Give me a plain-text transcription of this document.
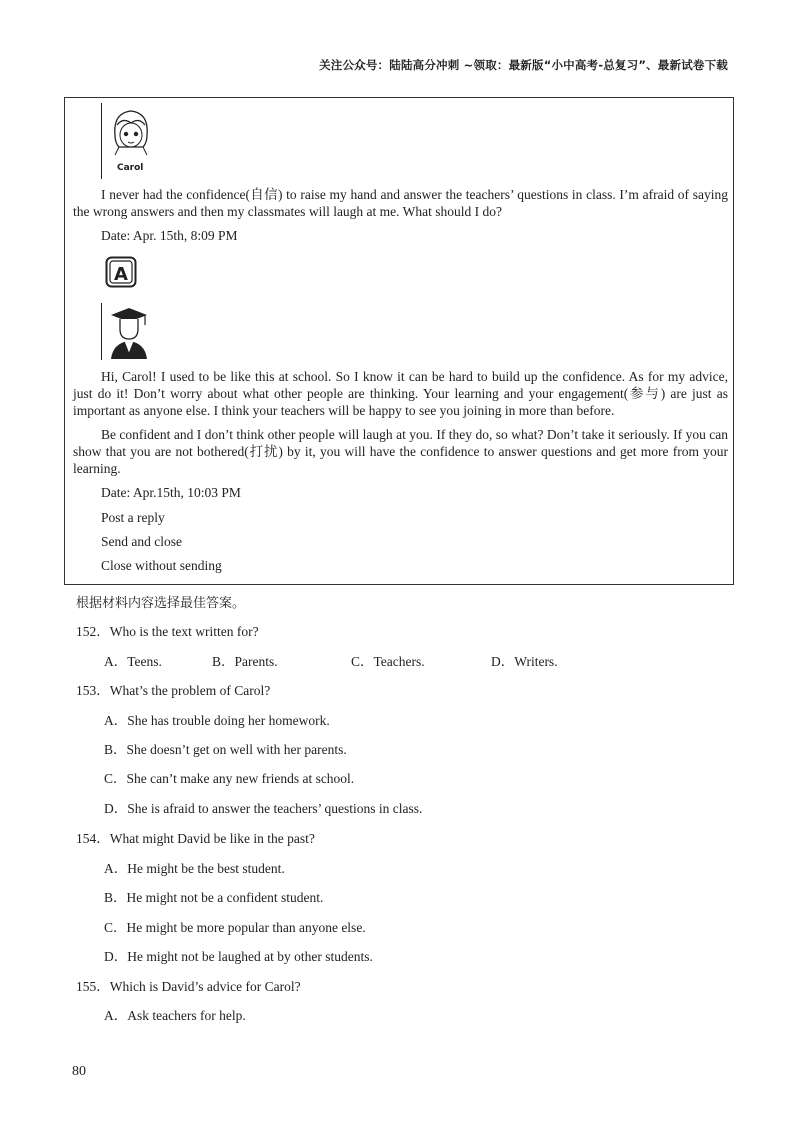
关注公众号：陆陆高分冲刺 ~领取：最新版“小中高考-总复习”、最新试卷下载
Carol
I never had the confidence(自信) to raise my hand and answer the teachers’ questions in class. I’m afraid of saying the wrong answers and then my classmates will laugh at me. What should I do?
Date: Apr. 15th, 8:09 PM
A
Hi, Carol! I used to be like this at school. So I know it can be hard to build up the confidence. As for my advice, just do it! Don’t worry about what other people are thinking. Your learning and your engagement(参与) are just as important as anyone else. I think your teachers will be happy to see you joining in more than before.
Be confident and I don’t think other people will laugh at you. If they do, so what? Don’t take it seriously. If you can show that you are not bothered(打扰) by it, you will have the confidence to answer questions and get more from your learning.
Date: Apr.15th, 10:03 PM
Post a reply
Send and close
Close without sending
根据材料内容选择最佳答案。
152．Who is the text written for?
A．Teens.	B．Parents.	C．Teachers.	D．Writers.
153．What’s the problem of Carol?
A．She has trouble doing her homework.
B．She doesn’t get on well with her parents.
C．She can’t make any new friends at school.
D．She is afraid to answer the teachers’ questions in class.
154．What might David be like in the past?
A．He might be the best student.
B．He might not be a confident student.
C．He might be more popular than anyone else.
D．He might not be laughed at by other students.
155．Which is David’s advice for Carol?
A．Ask teachers for help.
80
